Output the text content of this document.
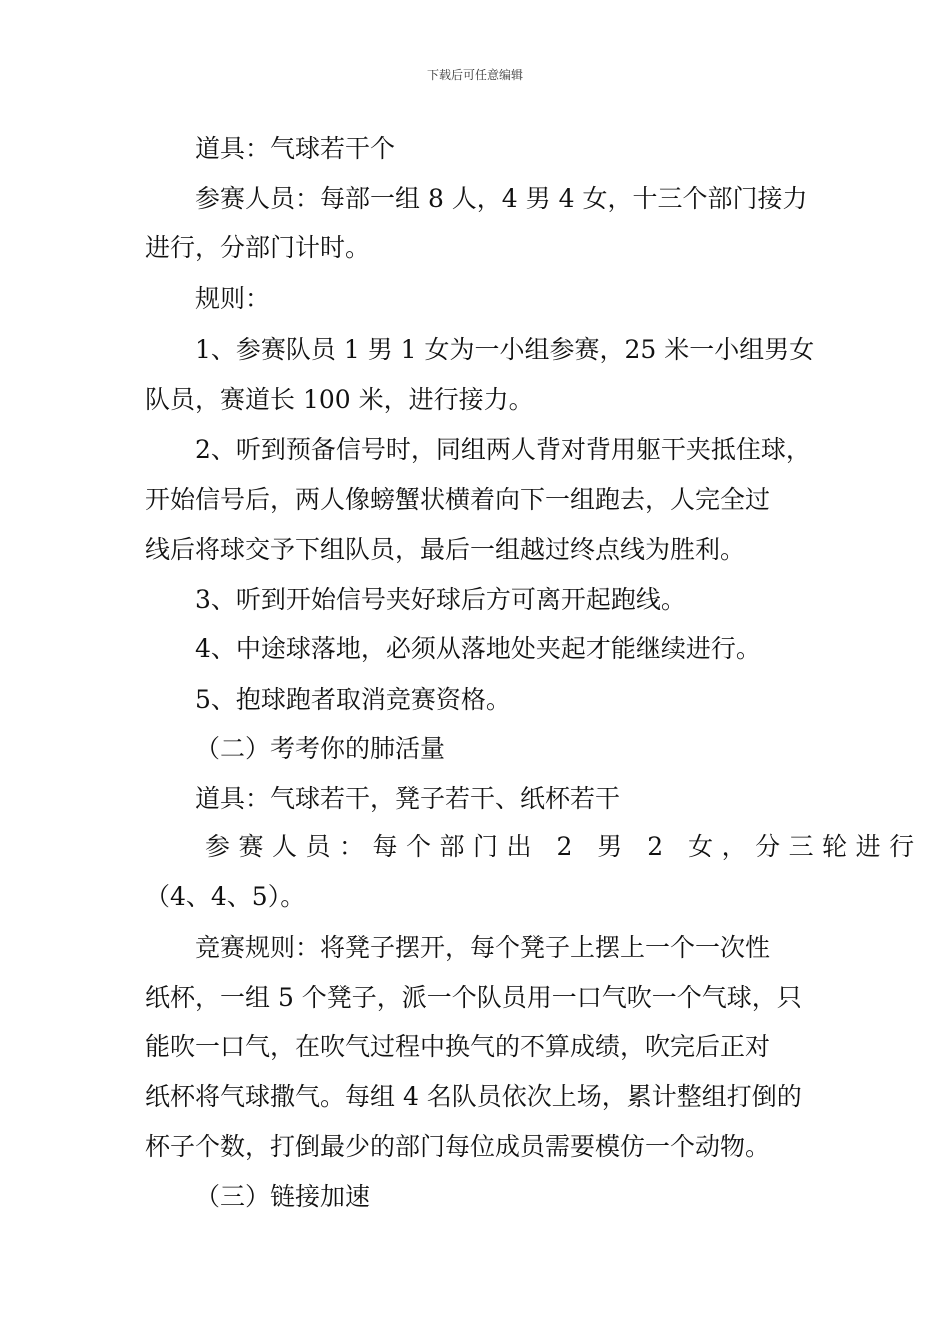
下载后可任意编辑
道具：气球若干个
参赛人员：每部一组 8 人，4 男 4 女，十三个部门接力
进行，分部门计时。
规则：
1、参赛队员 1 男 1 女为一小组参赛，25 米一小组男女
队员，赛道长 100 米，进行接力。
2、听到预备信号时，同组两人背对背用躯干夹抵住球，
开始信号后，两人像螃蟹状横着向下一组跑去，人完全过
线后将球交予下组队员，最后一组越过终点线为胜利。
3、听到开始信号夹好球后方可离开起跑线。
4、中途球落地，必须从落地处夹起才能继续进行。
5、抱球跑者取消竞赛资格。
（二）考考你的肺活量
道具：气球若干，凳子若干、纸杯若干
参赛人员：每个部门出 2 男 2 女，分三轮进行
（4、4、5）。
竞赛规则：将凳子摆开，每个凳子上摆上一个一次性
纸杯，一组 5 个凳子，派一个队员用一口气吹一个气球，只
能吹一口气，在吹气过程中换气的不算成绩，吹完后正对
纸杯将气球撒气。每组 4 名队员依次上场，累计整组打倒的
杯子个数，打倒最少的部门每位成员需要模仿一个动物。
（三）链接加速
